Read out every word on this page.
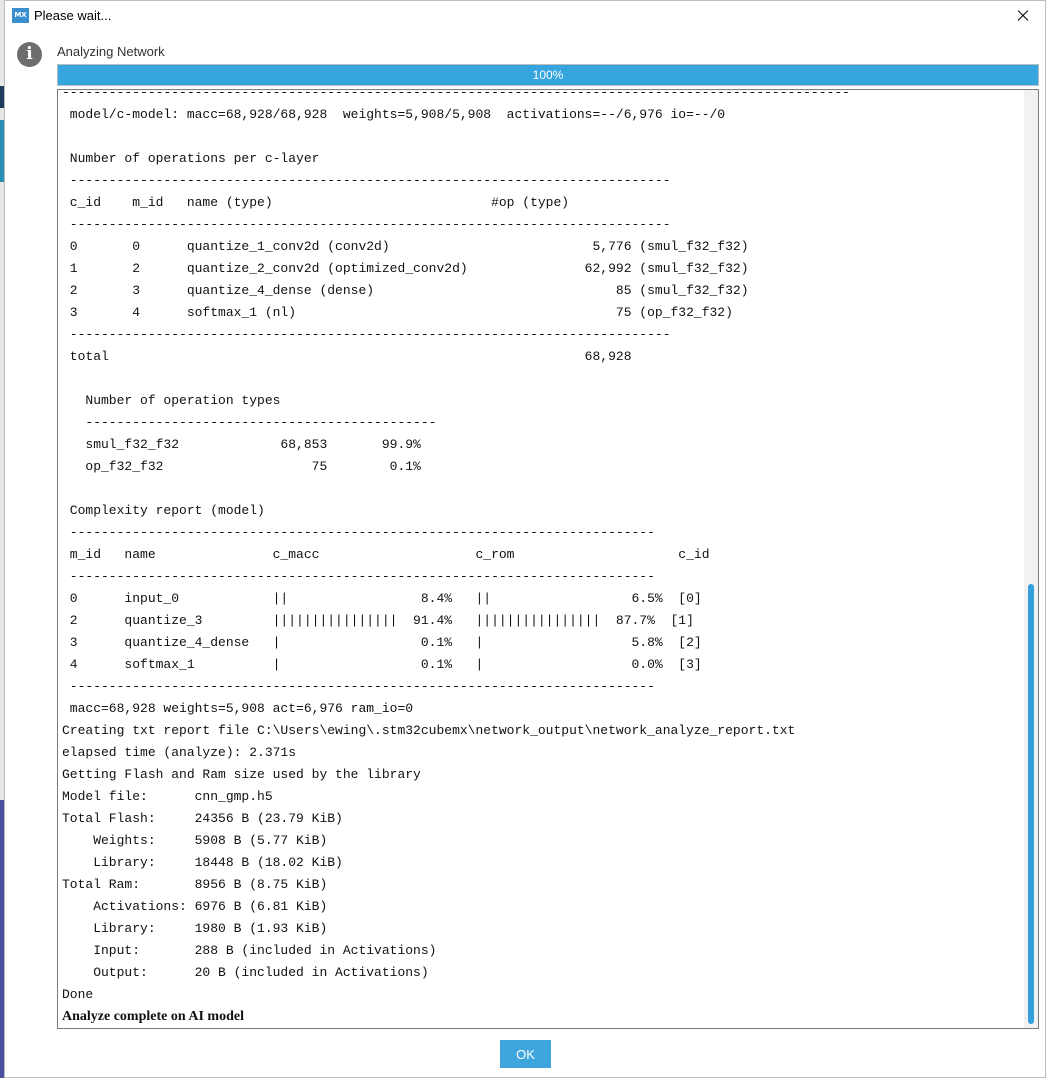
MX Please wait...
i	Analyzing Network
100%
-----------------------------------------------------------------------------------------------------
model/c-model: macc=68,928/68,928  weights=5,908/5,908  activations=--/6,976 io=--/0
Number of operations per c-layer
-----------------------------------------------------------------------------
c_id    m_id   name (type)                            #op (type)
-----------------------------------------------------------------------------
0       0      quantize_1_conv2d (conv2d)                          5,776 (smul_f32_f32)
1       2      quantize_2_conv2d (optimized_conv2d)               62,992 (smul_f32_f32)
2       3      quantize_4_dense (dense)                               85 (smul_f32_f32)
3       4      softmax_1 (nl)                                         75 (op_f32_f32)
-----------------------------------------------------------------------------
total                                                             68,928
Number of operation types
---------------------------------------------
smul_f32_f32             68,853       99.9%
op_f32_f32                   75        0.1%
Complexity report (model)
---------------------------------------------------------------------------
m_id   name               c_macc                    c_rom                     c_id
---------------------------------------------------------------------------
0      input_0            ||                 8.4%   ||                  6.5%  [0]
2      quantize_3         ||||||||||||||||  91.4%   ||||||||||||||||  87.7%  [1]
3      quantize_4_dense   |                  0.1%   |                   5.8%  [2]
4      softmax_1          |                  0.1%   |                   0.0%  [3]
---------------------------------------------------------------------------
macc=68,928 weights=5,908 act=6,976 ram_io=0
Creating txt report file C:\Users\ewing\.stm32cubemx\network_output\network_analyze_report.txt
elapsed time (analyze): 2.371s
Getting Flash and Ram size used by the library
Model file:      cnn_gmp.h5
Total Flash:     24356 B (23.79 KiB)
Weights:     5908 B (5.77 KiB)
Library:     18448 B (18.02 KiB)
Total Ram:       8956 B (8.75 KiB)
Activations: 6976 B (6.81 KiB)
Library:     1980 B (1.93 KiB)
Input:       288 B (included in Activations)
Output:      20 B (included in Activations)
Done
Analyze complete on AI model
OK
